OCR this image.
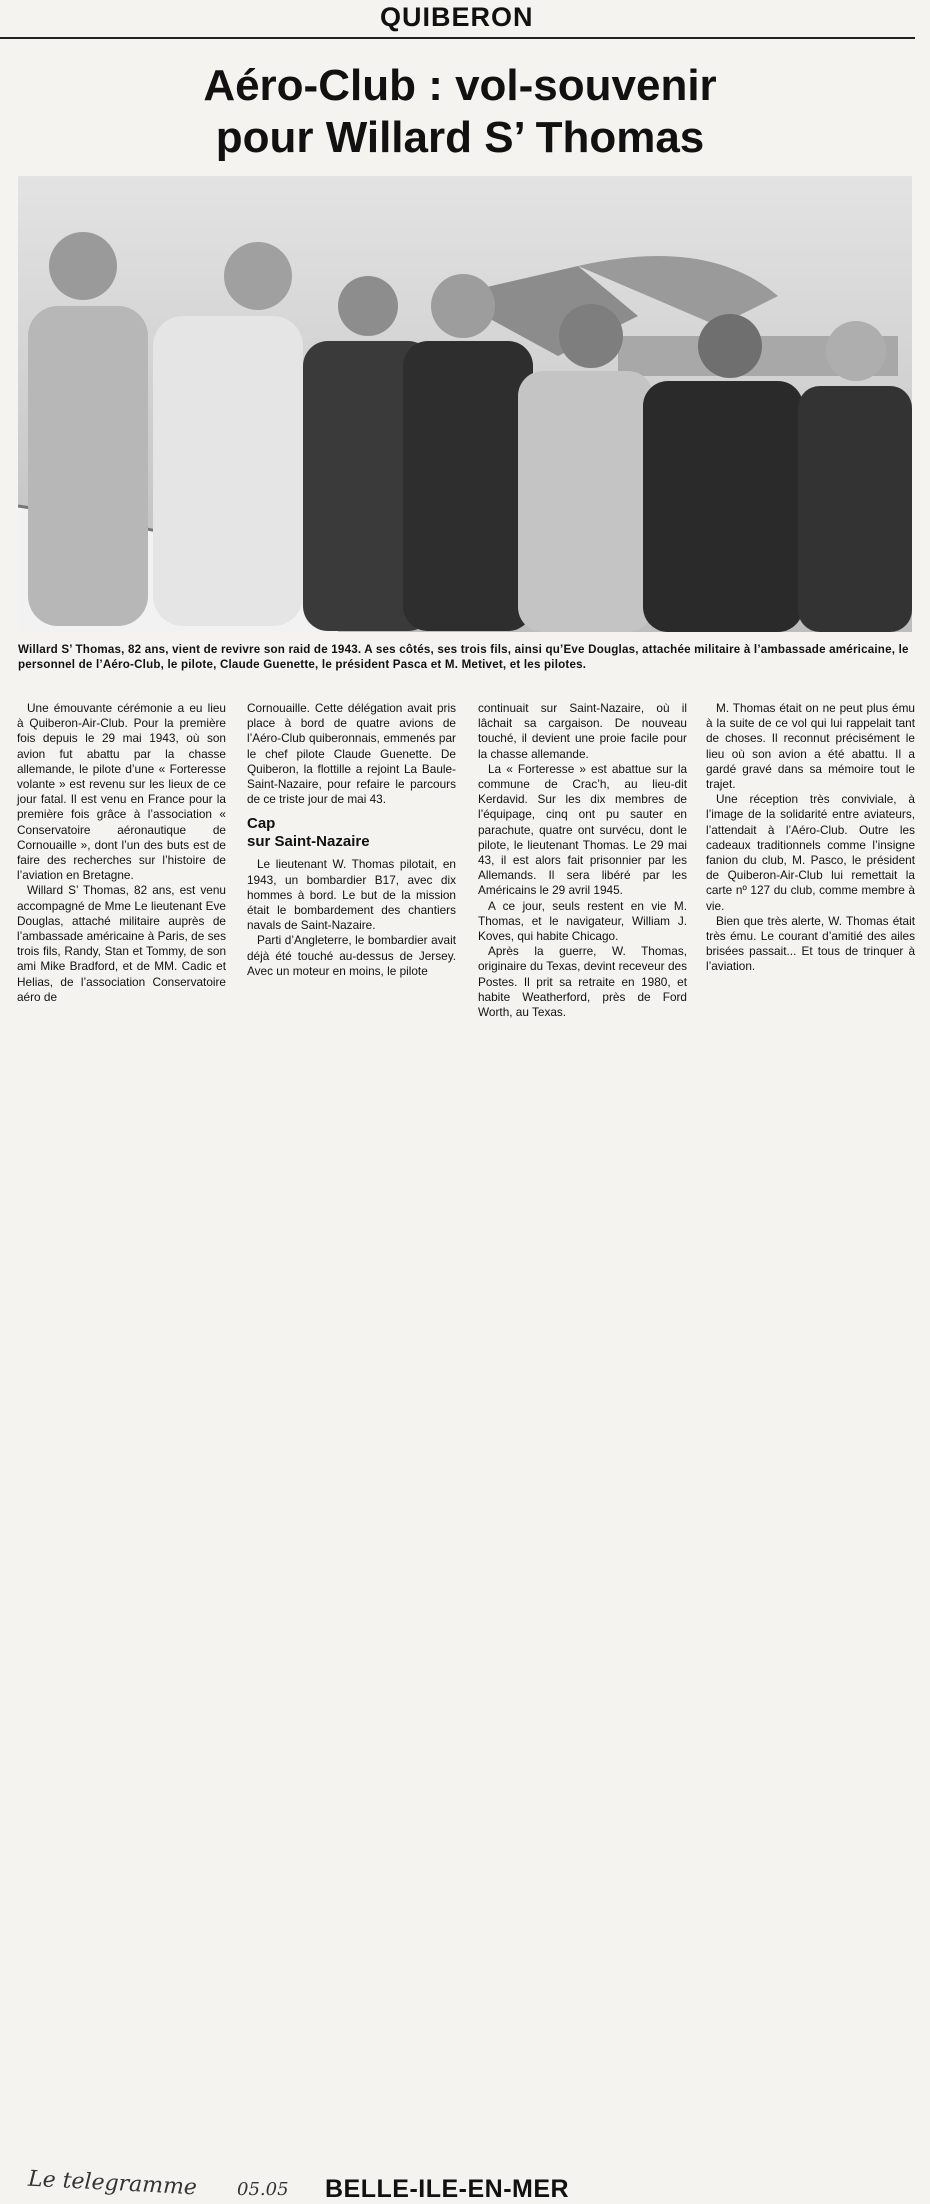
QUIBERON
Aéro-Club : vol-souvenir
pour Willard S’ Thomas
Willard S’ Thomas, 82 ans, vient de revivre son raid de 1943. A ses côtés, ses trois fils, ainsi qu’Eve Douglas, attachée militaire à l’ambassade américaine, le personnel de l’Aéro-Club, le pilote, Claude Guenette, le président Pasca et M. Metivet, et les pilotes.

Une émouvante cérémonie a eu lieu à Quiberon-Air-Club. Pour la première fois depuis le 29 mai 1943, où son avion fut abattu par la chasse allemande, le pilote d’une « Forteresse volante » est revenu sur les lieux de ce jour fatal. Il est venu en France pour la première fois grâce à l’association « Conservatoire aéronautique de Cornouaille », dont l’un des buts est de faire des recherches sur l’histoire de l’aviation en Bretagne.

Willard S’ Thomas, 82 ans, est venu accompagné de Mme Le lieutenant Eve Douglas, attaché militaire auprès de l’ambassade américaine à Paris, de ses trois fils, Randy, Stan et Tommy, de son ami Mike Bradford, et de MM. Cadic et Helias, de l’association Conservatoire aéro de

Cornouaille. Cette délégation avait pris place à bord de quatre avions de l’Aéro-Club quiberonnais, emmenés par le chef pilote Claude Guenette. De Quiberon, la flottille a rejoint La Baule-Saint-Nazaire, pour refaire le parcours de ce triste jour de mai 43.

Cap
sur Saint-Nazaire

Le lieutenant W. Thomas pilotait, en 1943, un bombardier B17, avec dix hommes à bord. Le but de la mission était le bombardement des chantiers navals de Saint-Nazaire.

Parti d’Angleterre, le bombardier avait déjà été touché au-dessus de Jersey. Avec un moteur en moins, le pilote

continuait sur Saint-Nazaire, où il lâchait sa cargaison. De nouveau touché, il devient une proie facile pour la chasse allemande.

La « Forteresse » est abattue sur la commune de Crac’h, au lieu-dit Kerdavid. Sur les dix membres de l’équipage, cinq ont pu sauter en parachute, quatre ont survécu, dont le pilote, le lieutenant Thomas. Le 29 mai 43, il est alors fait prisonnier par les Allemands. Il sera libéré par les Américains le 29 avril 1945.

A ce jour, seuls restent en vie M. Thomas, et le navigateur, William J. Koves, qui habite Chicago.

Après la guerre, W. Thomas, originaire du Texas, devint receveur des Postes. Il prit sa retraite en 1980, et habite Weatherford, près de Ford Worth, au Texas.

M. Thomas était on ne peut plus ému à la suite de ce vol qui lui rappelait tant de choses. Il reconnut précisément le lieu où son avion a été abattu. Il a gardé gravé dans sa mémoire tout le trajet.

Une réception très conviviale, à l’image de la solidarité entre aviateurs, l’attendait à l’Aéro-Club. Outre les cadeaux traditionnels comme l’insigne fanion du club, M. Pasco, le président de Quiberon-Air-Club lui remettait la carte nº 127 du club, comme membre à vie.

Bien que très alerte, W. Thomas était très ému. Le courant d’amitié des ailes brisées passait... Et tous de trinquer à l’aviation.

Le telegramme 05.05 BELLE-ILE-EN-MER
